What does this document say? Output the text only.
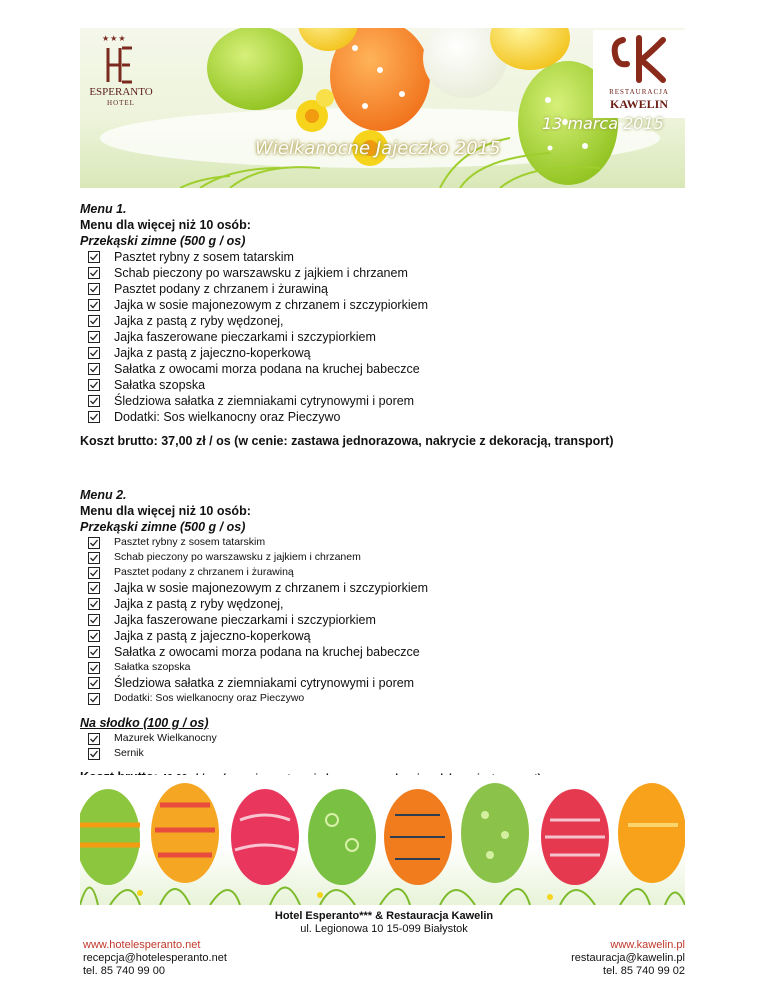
★★★
ESPERANTO
HOTEL
RESTAURACJA
KAWELIN
13 marca 2015
Wielkanocne Jajeczko 2015
Menu 1.
Menu dla więcej niż 10 osób:
Przekąski zimne (500 g / os)
Pasztet rybny z sosem tatarskim
Schab pieczony po warszawsku z jajkiem i chrzanem
Pasztet podany z chrzanem i żurawiną
Jajka w sosie majonezowym z chrzanem i szczypiorkiem
Jajka z pastą z ryby wędzonej,
Jajka faszerowane pieczarkami i szczypiorkiem
Jajka z pastą z jajeczno-koperkową
Sałatka z owocami morza podana na kruchej babeczce
Sałatka szopska
Śledziowa sałatka z ziemniakami cytrynowymi i porem
Dodatki: Sos wielkanocny oraz Pieczywo
Koszt brutto: 37,00 zł / os (w cenie: zastawa jednorazowa, nakrycie z dekoracją, transport)
Menu 2.
Menu dla więcej niż 10 osób:
Przekąski zimne (500 g / os)
Pasztet rybny z sosem tatarskim
Schab pieczony po warszawsku z jajkiem i chrzanem
Pasztet podany z chrzanem i żurawiną
Jajka w sosie majonezowym z chrzanem i szczypiorkiem
Jajka z pastą z ryby wędzonej,
Jajka faszerowane pieczarkami i szczypiorkiem
Jajka z pastą z jajeczno-koperkową
Sałatka z owocami morza podana na kruchej babeczce
Sałatka szopska
Śledziowa sałatka z ziemniakami cytrynowymi i porem
Dodatki: Sos wielkanocny oraz Pieczywo
Na słodko (100 g / os)
Mazurek Wielkanocny
Sernik
Hotel Esperanto*** & Restauracja Kawelin
ul. Legionowa 10 15-099 Białystok
www.hotelesperanto.net
recepcja@hotelesperanto.net
tel. 85 740 99 00
www.kawelin.pl
restauracja@kawelin.pl
tel. 85 740 99 02
